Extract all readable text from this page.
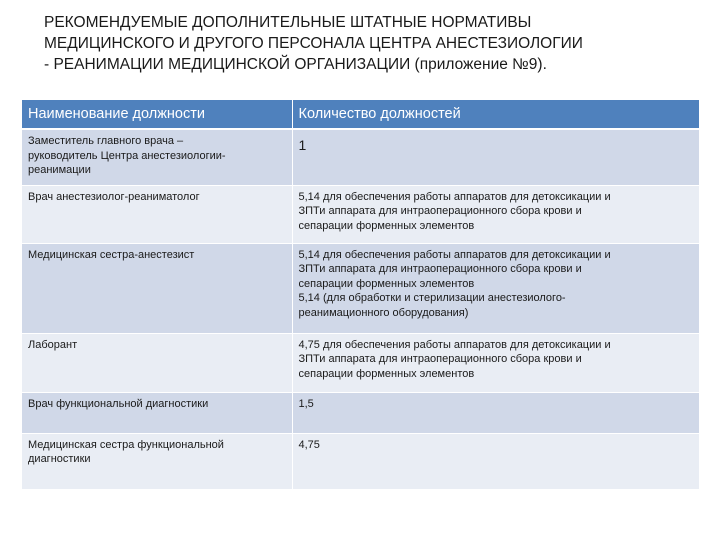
РЕКОМЕНДУЕМЫЕ ДОПОЛНИТЕЛЬНЫЕ ШТАТНЫЕ НОРМАТИВЫ
МЕДИЦИНСКОГО И ДРУГОГО ПЕРСОНАЛА ЦЕНТРА АНЕСТЕЗИОЛОГИИ
- РЕАНИМАЦИИ МЕДИЦИНСКОЙ ОРГАНИЗАЦИИ (приложение №9).
Наименование должности	Количество должностей
Заместитель главного врача –
руководитель Центра анестезиологии-
реанимации	1
Врач анестезиолог-реаниматолог	5,14 для обеспечения работы аппаратов для детоксикации и
ЗПТи аппарата для интраоперационного сбора крови и
сепарации форменных элементов
Медицинская сестра-анестезист	5,14 для обеспечения работы аппаратов для детоксикации и
ЗПТи аппарата для интраоперационного сбора крови и
сепарации форменных элементов
5,14 (для обработки и стерилизации анестезиолого-
реанимационного оборудования)
Лаборант	4,75 для обеспечения работы аппаратов для детоксикации и
ЗПТи аппарата для интраоперационного сбора крови и
сепарации форменных элементов
Врач функциональной диагностики	1,5
Медицинская сестра функциональной
диагностики	4,75
